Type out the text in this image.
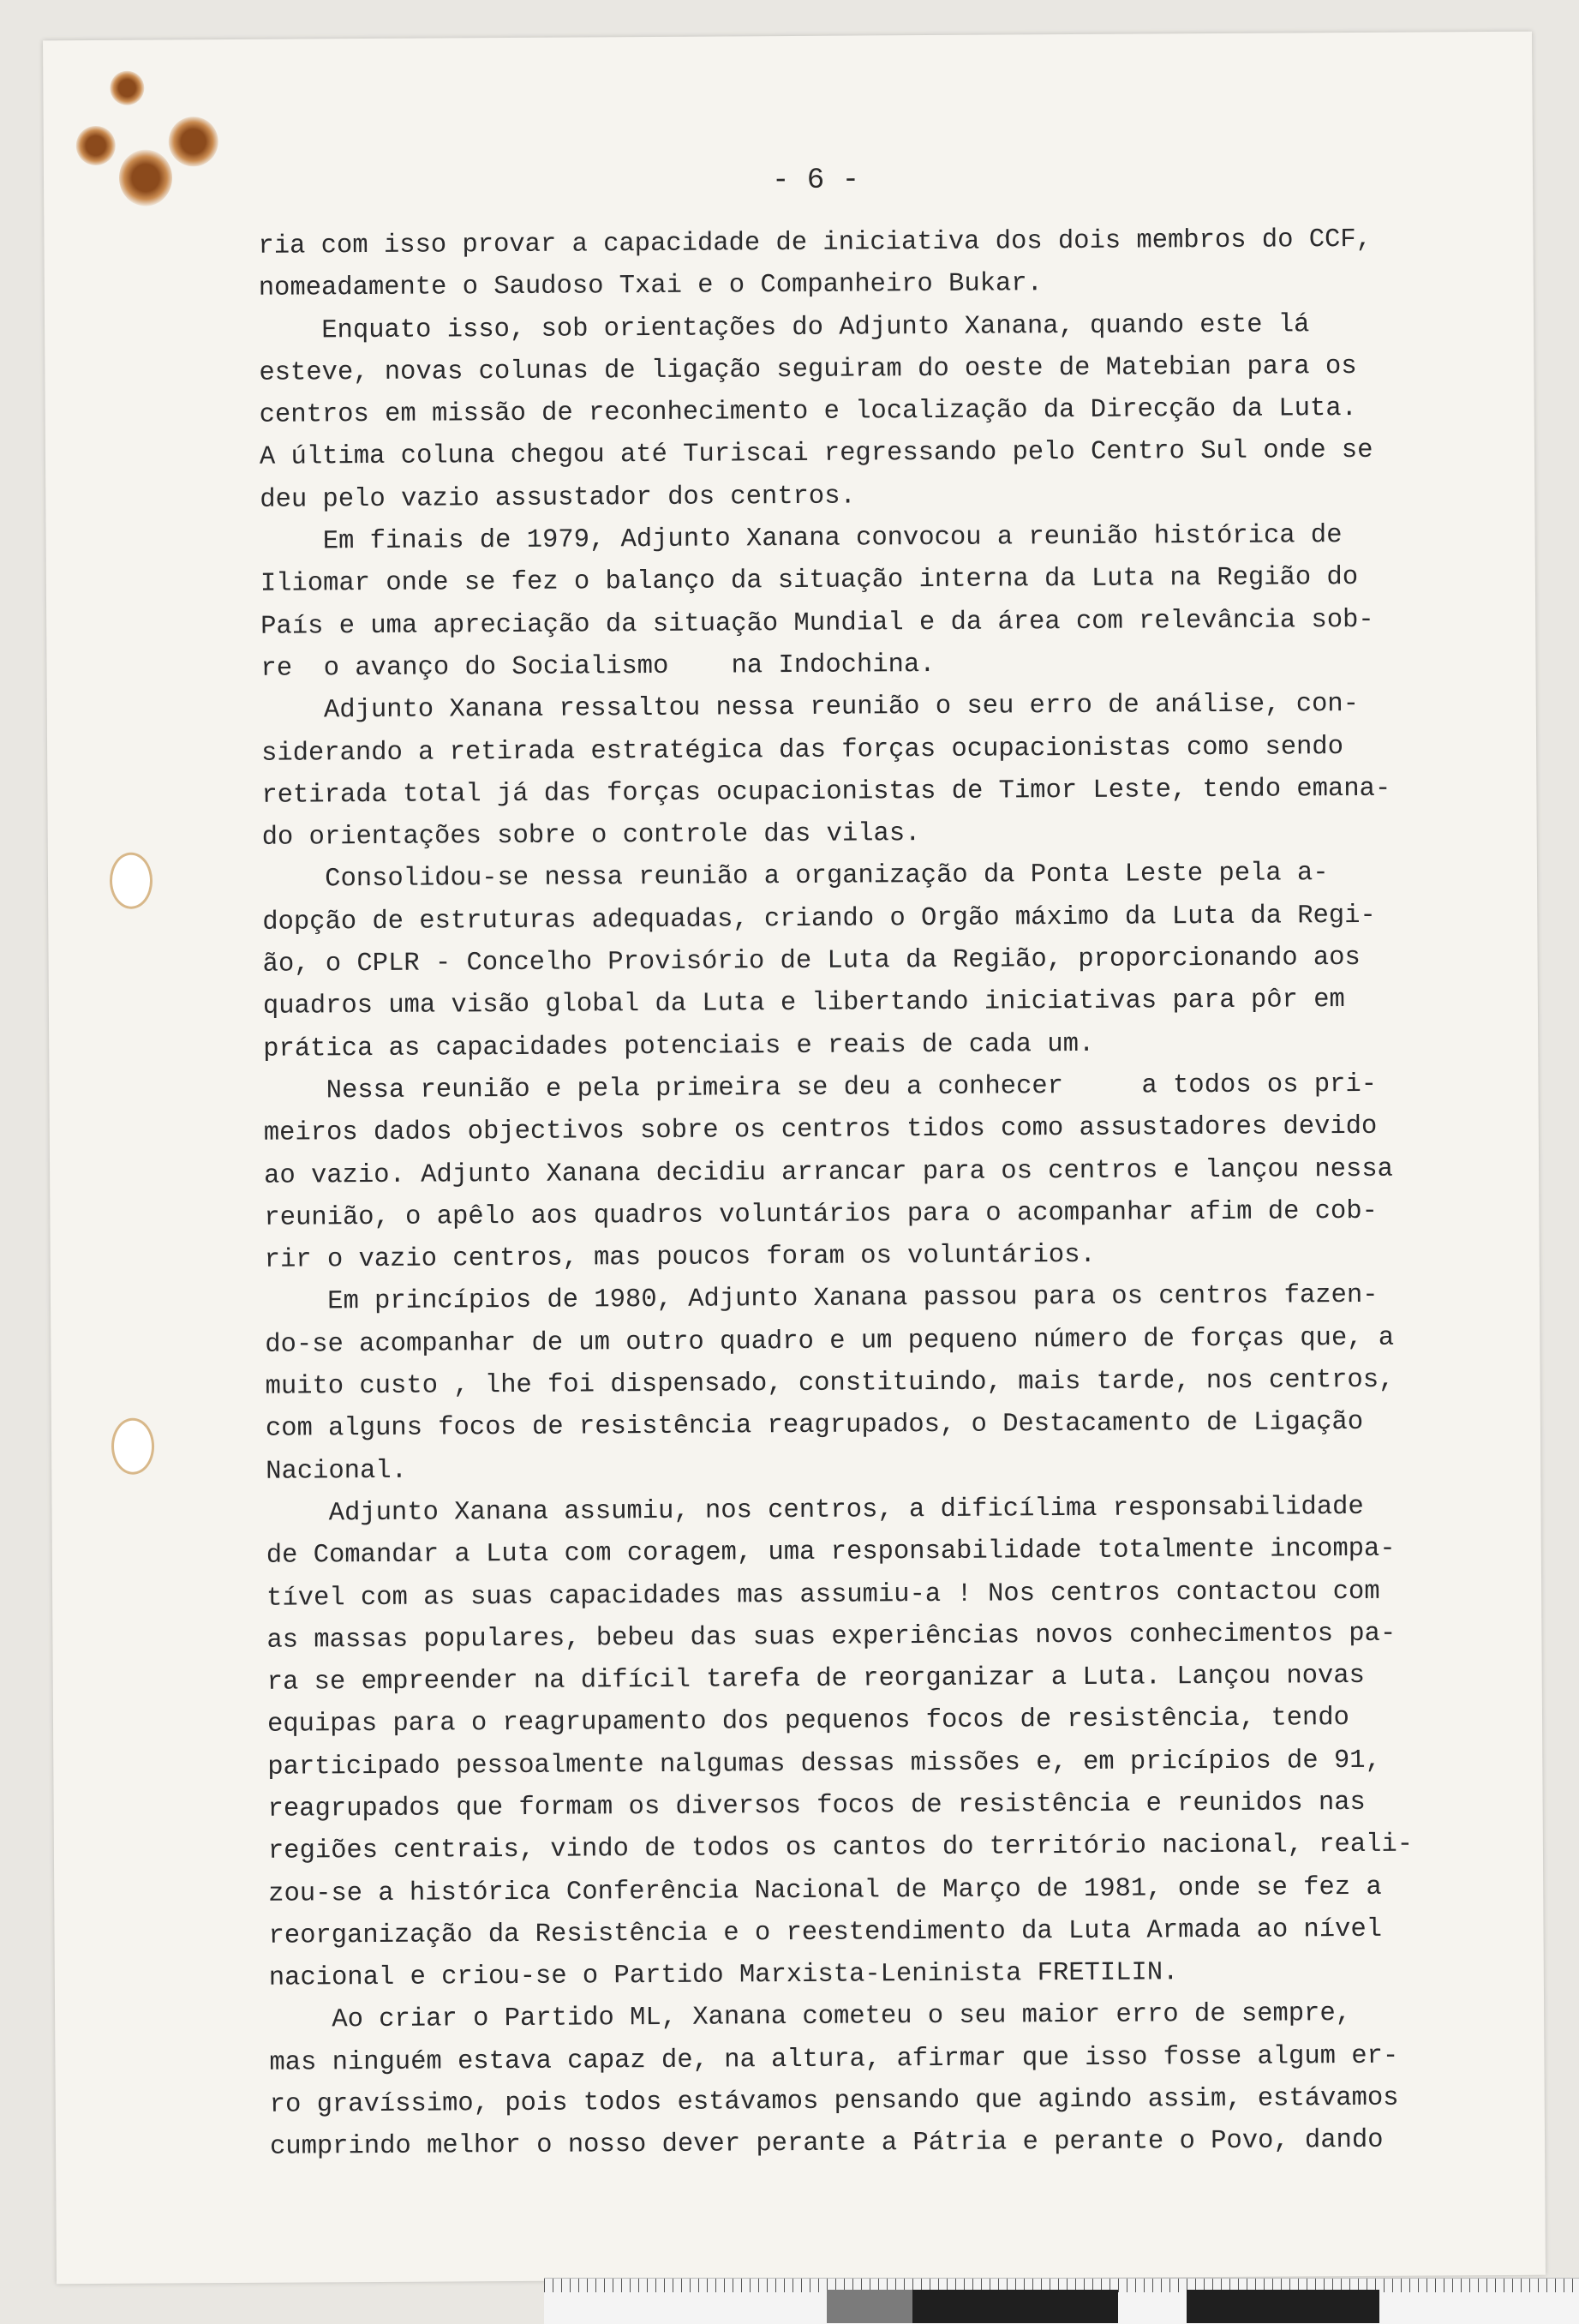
- 6 -
ria com isso provar a capacidade de iniciativa dos dois membros do CCF,
nomeadamente o Saudoso Txai e o Companheiro Bukar.
Enquato isso, sob orientações do Adjunto Xanana, quando este lá
esteve, novas colunas de ligação seguiram do oeste de Matebian para os
centros em missão de reconhecimento e localização da Direcção da Luta.
A última coluna chegou até Turiscai regressando pelo Centro Sul onde se
deu pelo vazio assustador dos centros.
Em finais de 1979, Adjunto Xanana convocou a reunião histórica de
Iliomar onde se fez o balanço da situação interna da Luta na Região do
País e uma apreciação da situação Mundial e da área com relevância sob-
re  o avanço do Socialismo    na Indochina.
Adjunto Xanana ressaltou nessa reunião o seu erro de análise, con-
siderando a retirada estratégica das forças ocupacionistas como sendo
retirada total já das forças ocupacionistas de Timor Leste, tendo emana-
do orientações sobre o controle das vilas.
Consolidou-se nessa reunião a organização da Ponta Leste pela a-
dopção de estruturas adequadas, criando o Orgão máximo da Luta da Regi-
ão, o CPLR - Concelho Provisório de Luta da Região, proporcionando aos
quadros uma visão global da Luta e libertando iniciativas para pôr em
prática as capacidades potenciais e reais de cada um.
Nessa reunião e pela primeira se deu a conhecer     a todos os pri-
meiros dados objectivos sobre os centros tidos como assustadores devido
ao vazio. Adjunto Xanana decidiu arrancar para os centros e lançou nessa
reunião, o apêlo aos quadros voluntários para o acompanhar afim de cob-
rir o vazio centros, mas poucos foram os voluntários.
Em princípios de 1980, Adjunto Xanana passou para os centros fazen-
do-se acompanhar de um outro quadro e um pequeno número de forças que, a
muito custo , lhe foi dispensado, constituindo, mais tarde, nos centros,
com alguns focos de resistência reagrupados, o Destacamento de Ligação
Nacional.
Adjunto Xanana assumiu, nos centros, a dificílima responsabilidade
de Comandar a Luta com coragem, uma responsabilidade totalmente incompa-
tível com as suas capacidades mas assumiu-a ! Nos centros contactou com
as massas populares, bebeu das suas experiências novos conhecimentos pa-
ra se empreender na difícil tarefa de reorganizar a Luta. Lançou novas
equipas para o reagrupamento dos pequenos focos de resistência, tendo
participado pessoalmente nalgumas dessas missões e, em pricípios de 91,
reagrupados que formam os diversos focos de resistência e reunidos nas
regiões centrais, vindo de todos os cantos do território nacional, reali-
zou-se a histórica Conferência Nacional de Março de 1981, onde se fez a
reorganização da Resistência e o reestendimento da Luta Armada ao nível
nacional e criou-se o Partido Marxista-Leninista FRETILIN.
Ao criar o Partido ML, Xanana cometeu o seu maior erro de sempre,
mas ninguém estava capaz de, na altura, afirmar que isso fosse algum er-
ro gravíssimo, pois todos estávamos pensando que agindo assim, estávamos
cumprindo melhor o nosso dever perante a Pátria e perante o Povo, dando
